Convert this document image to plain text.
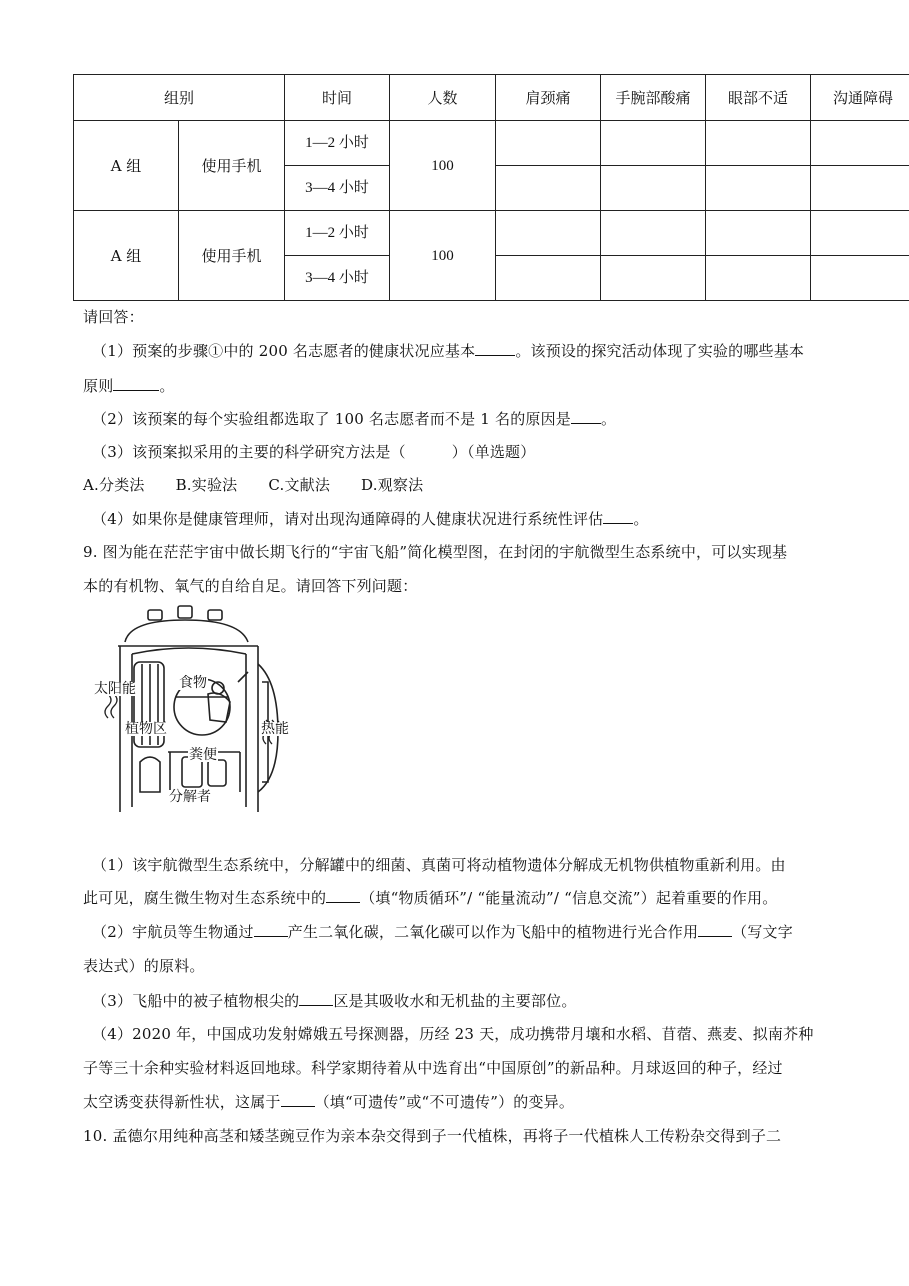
组别		时间	人数	肩颈痛	手腕部酸痛	眼部不适	沟通障碍
A 组	使用手机	1—2 小时	100				
		3—4 小时					
A 组	使用手机	1—2 小时	100				
		3—4 小时					
请回答：
（1）预案的步骤①中的 200 名志愿者的健康状况应基本	。该预设的探究活动体现了实验的哪些基本
原则	。
（2）该预案的每个实验组都选取了 100 名志愿者而不是 1 名的原因是 。
（3）该预案拟采用的主要的科学研究方法是（	）（单选题）
A.分类法 B.实验法 C.文献法 D.观察法
（4）如果你是健康管理师，请对出现沟通障碍的人健康状况进行系统性评估 。
9. 图为能在茫茫宇宙中做长期飞行的“宇宙飞船”简化模型图，在封闭的宇航微型生态系统中，可以实现基
本的有机物、氧气的自给自足。请回答下列问题：
太阳能	食物
植物区	热能
粪便
分解者
（1）该宇航微型生态系统中，分解罐中的细菌、真菌可将动植物遗体分解成无机物供植物重新利用。由
此可见，腐生微生物对生态系统中的 （填“物质循环”/ “能量流动”/ “信息交流”）起着重要的作用。
（2）宇航员等生物通过 产生二氧化碳，二氧化碳可以作为飞船中的植物进行光合作用 （写文字
表达式）的原料。
（3）飞船中的被子植物根尖的 区是其吸收水和无机盐的主要部位。
（4）2020 年，中国成功发射嫦娥五号探测器，历经 23 天，成功携带月壤和水稻、苜蓿、燕麦、拟南芥种
子等三十余种实验材料返回地球。科学家期待着从中选育出“中国原创”的新品种。月球返回的种子，经过
太空诱变获得新性状，这属于 （填“可遗传”或“不可遗传”）的变异。
10. 孟德尔用纯种高茎和矮茎豌豆作为亲本杂交得到子一代植株，再将子一代植株人工传粉杂交得到子二
